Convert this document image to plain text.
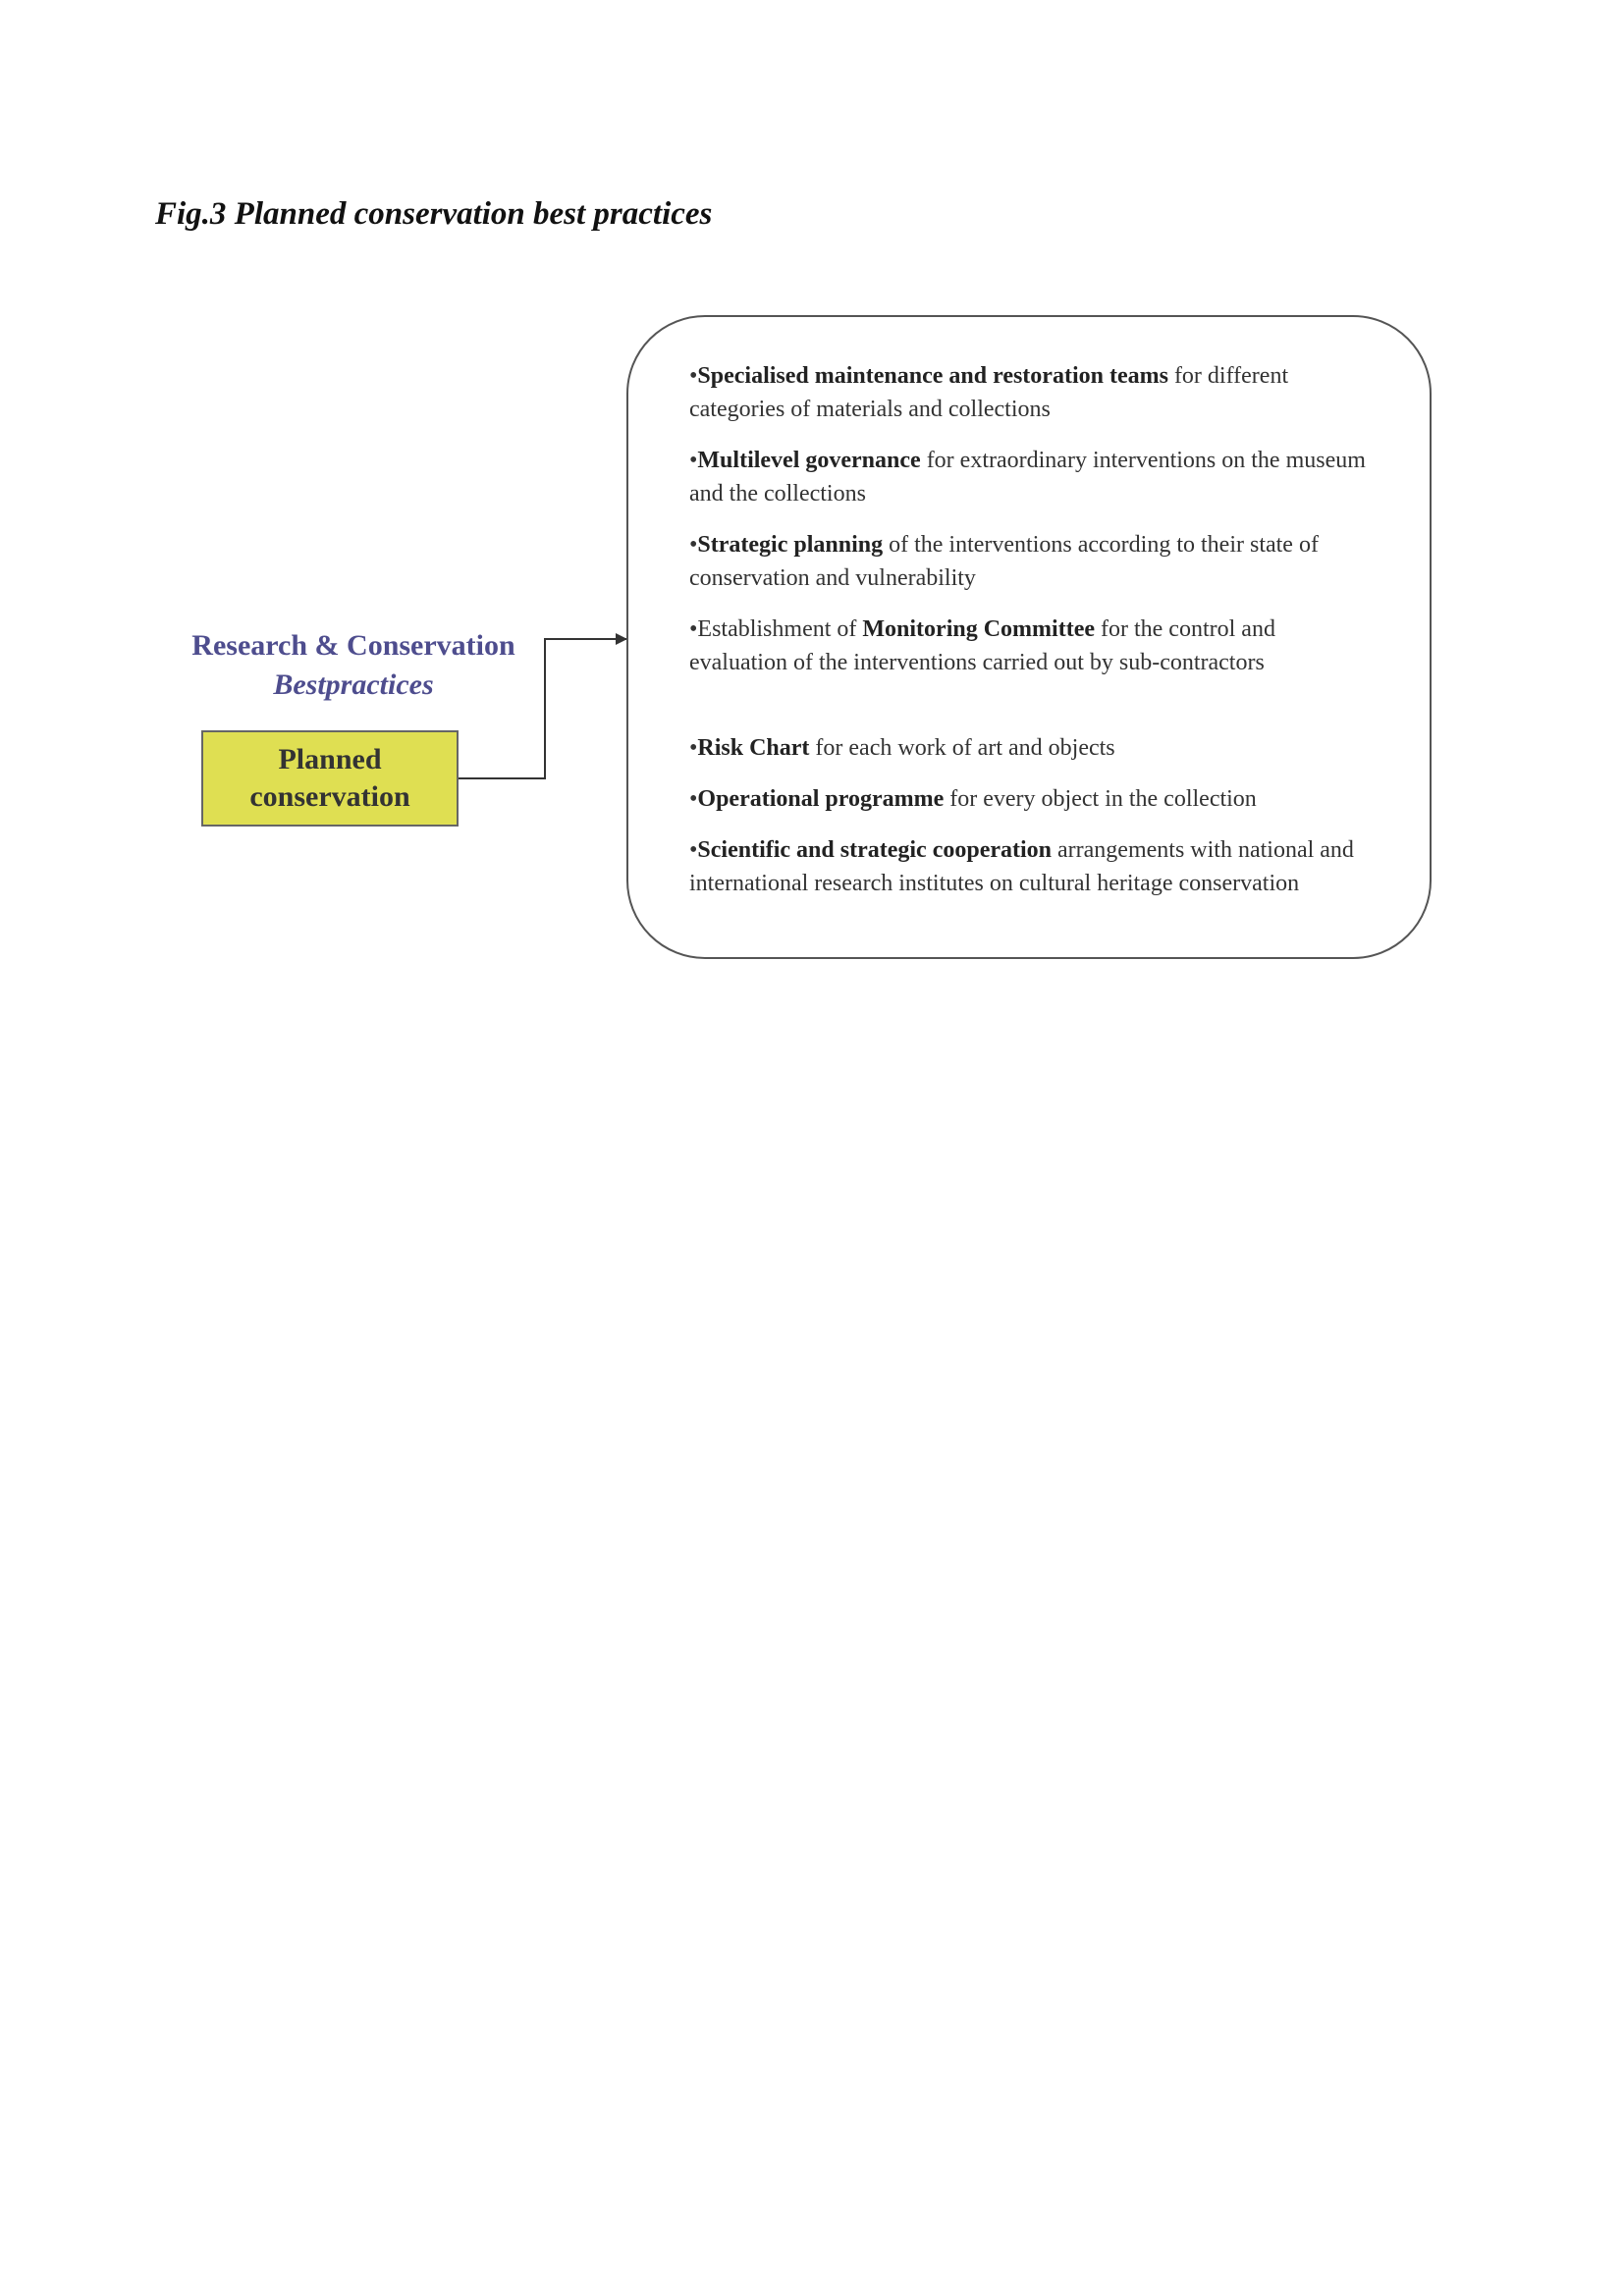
Fig.3 Planned conservation best practices
Research & Conservation
Bestpractices
Planned
conservation
•Specialised maintenance and restoration teams for different categories of materials and collections
•Multilevel governance for extraordinary interventions on the museum and the collections
•Strategic planning of the interventions according to their state of conservation and vulnerability
•Establishment of Monitoring Committee for the control and evaluation of the interventions carried out by sub-contractors
•Risk Chart for each work of art and objects
•Operational programme for every object in the collection
•Scientific and strategic cooperation arrangements with national and international research institutes on cultural heritage conservation
